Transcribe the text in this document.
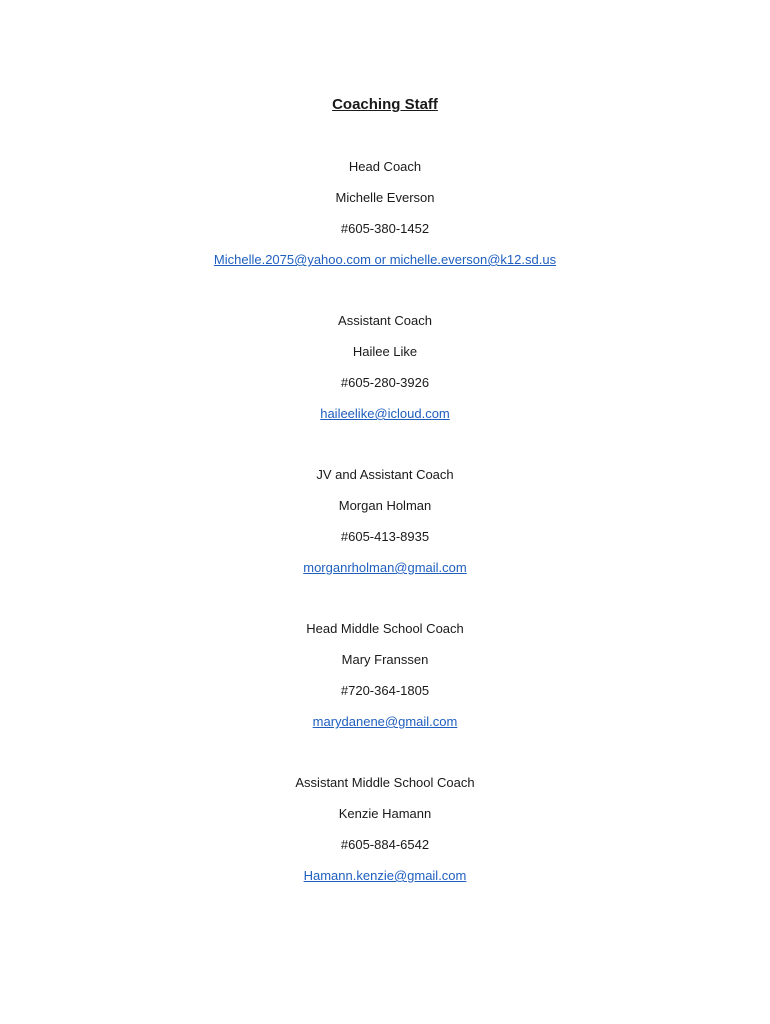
Coaching Staff
Head Coach
Michelle Everson
#605-380-1452
Michelle.2075@yahoo.com or michelle.everson@k12.sd.us
Assistant Coach
Hailee Like
#605-280-3926
haileelike@icloud.com
JV and Assistant Coach
Morgan Holman
#605-413-8935
morganrholman@gmail.com
Head Middle School Coach
Mary Franssen
#720-364-1805
marydanene@gmail.com
Assistant Middle School Coach
Kenzie Hamann
#605-884-6542
Hamann.kenzie@gmail.com
